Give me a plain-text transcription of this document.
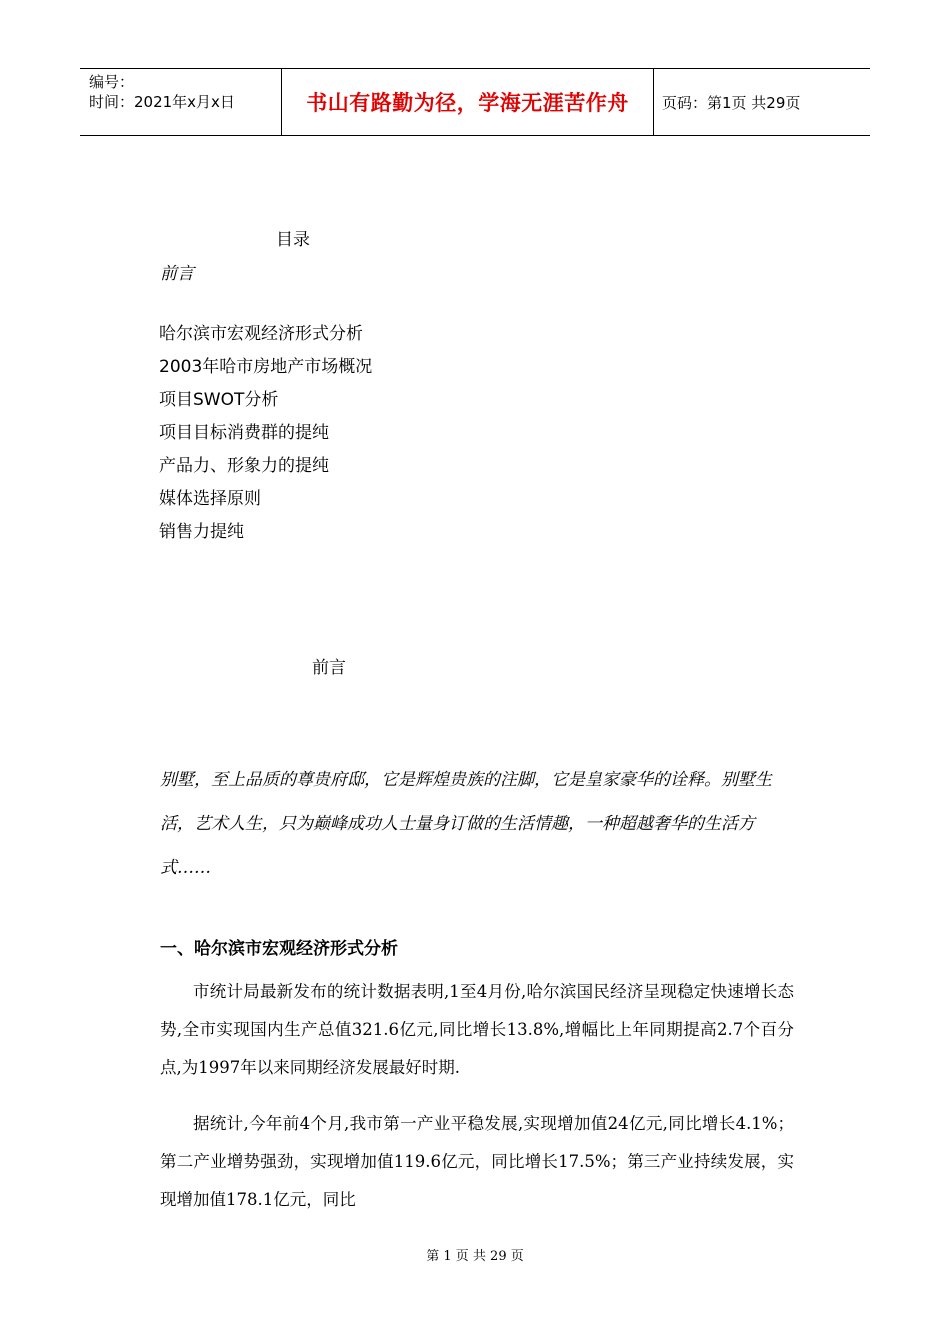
编号：
时间：2021年x月x日	书山有路勤为径，学海无涯苦作舟	页码：第1页 共29页
目录
前言
哈尔滨市宏观经济形式分析
2003年哈市房地产市场概况
项目SWOT分析
项目目标消费群的提纯
产品力、形象力的提纯
媒体选择原则
销售力提纯
前言

别墅，至上品质的尊贵府邸，它是辉煌贵族的注脚，它是皇家豪华的诠释。别墅生活，艺术人生，只为巅峰成功人士量身订做的生活情趣，一种超越奢华的生活方式……

一、哈尔滨市宏观经济形式分析

市统计局最新发布的统计数据表明,1至4月份,哈尔滨国民经济呈现稳定快速增长态势,全市实现国内生产总值321.6亿元,同比增长13.8%,增幅比上年同期提高2.7个百分点,为1997年以来同期经济发展最好时期.

据统计,今年前4个月,我市第一产业平稳发展,实现增加值24亿元,同比增长4.1%；第二产业增势强劲，实现增加值119.6亿元，同比增长17.5%；第三产业持续发展，实现增加值178.1亿元，同比

第 1 页 共 29 页
